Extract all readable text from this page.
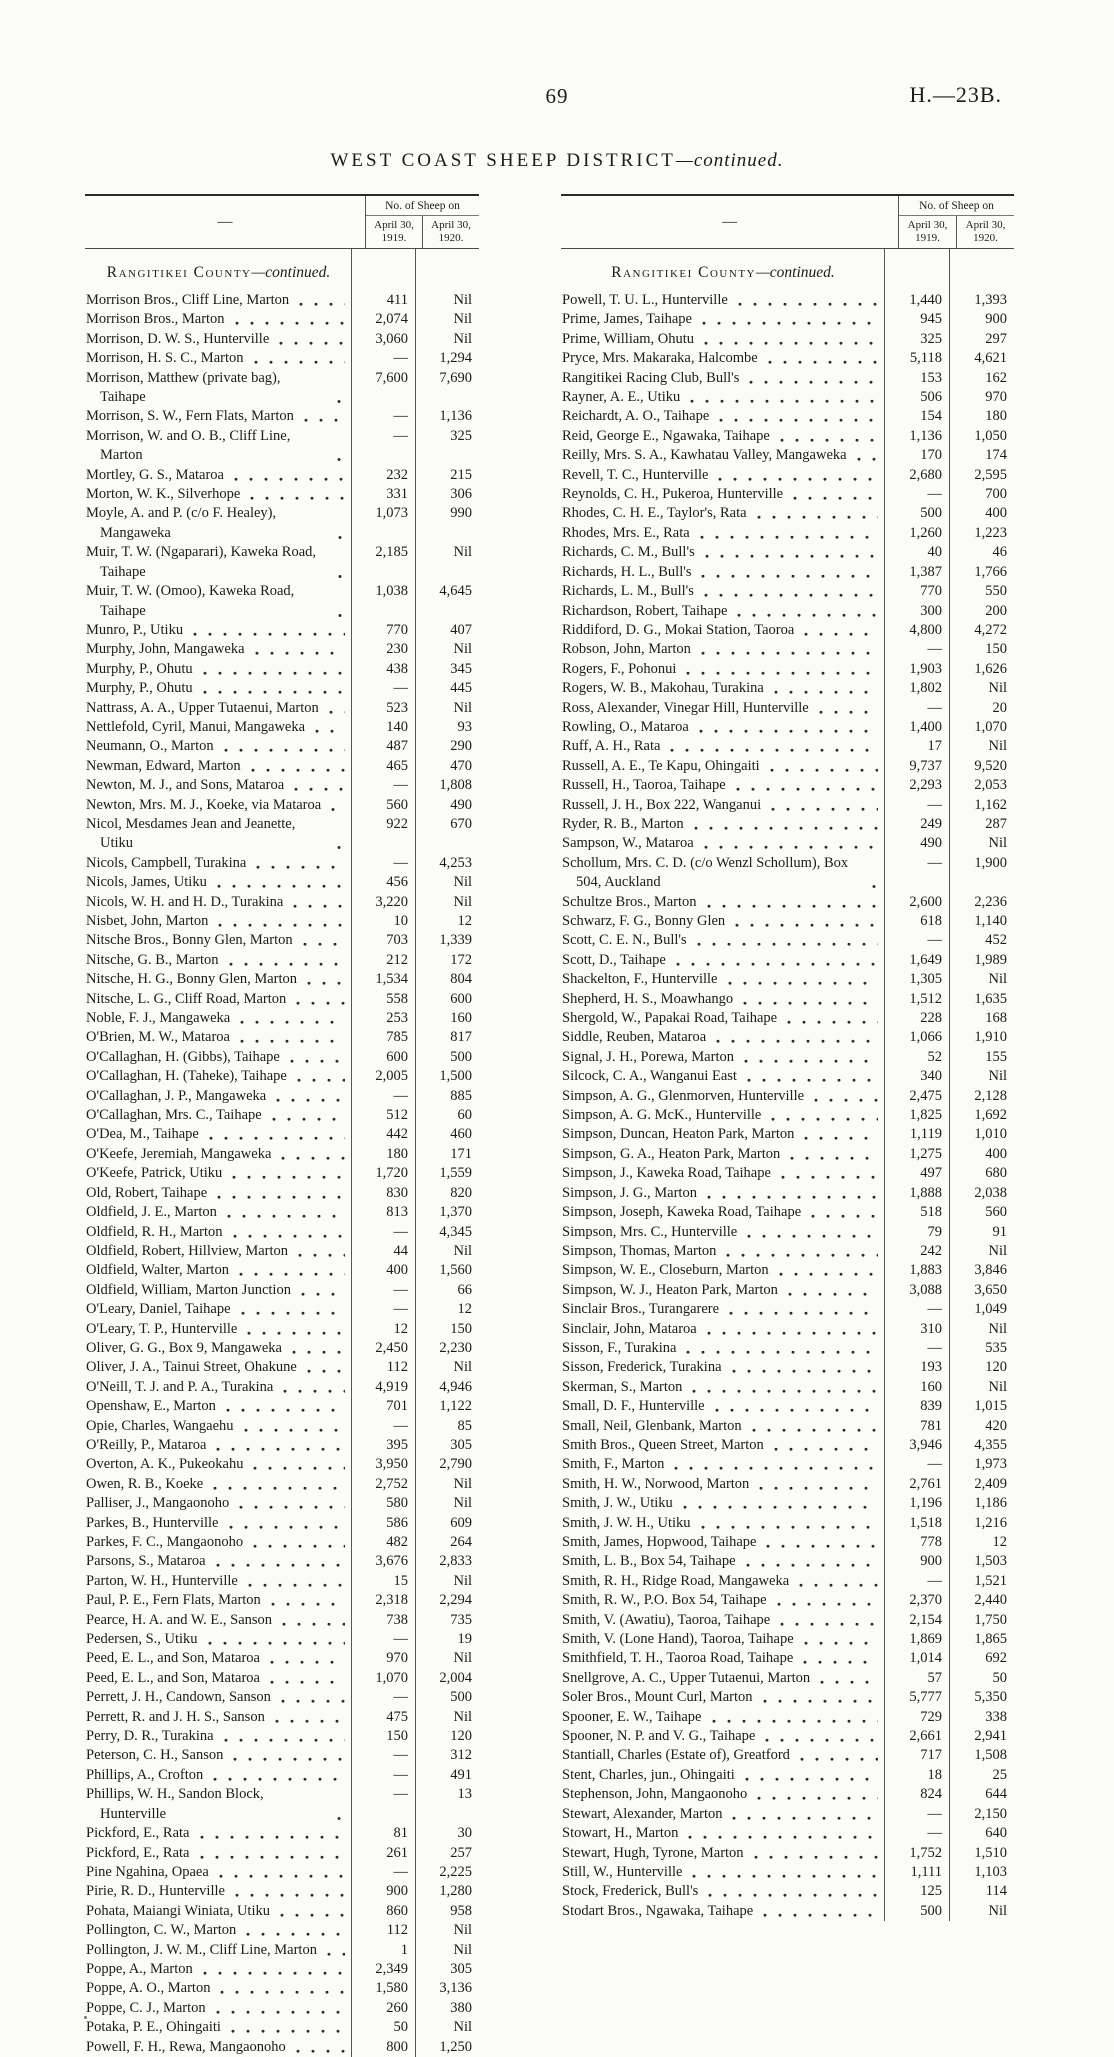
69	H.—23B.
WEST COAST SHEEP DISTRICT—continued.
—
No. of Sheep on
April 30,
1919.
April 30,
1920.
Rangitikei County—continued.
Morrison Bros., Cliff Line, Marton	411	Nil
Morrison Bros., Marton	2,074	Nil
Morrison, D. W. S., Hunterville	3,060	Nil
Morrison, H. S. C., Marton	—	1,294
Morrison, Matthew (private bag), Taihape
7,600	7,690
Morrison, S. W., Fern Flats, Marton	—	1,136
Morrison, W. and O. B., Cliff Line, Marton
—	325
Mortley, G. S., Mataroa	232	215
Morton, W. K., Silverhope	331	306
Moyle, A. and P. (c/o F. Healey), Mangaweka
1,073	990
Muir, T. W. (Ngaparari), Kaweka Road, Taihape
2,185	Nil
Muir, T. W. (Omoo), Kaweka Road, Taihape
1,038	4,645
Munro, P., Utiku	770	407
Murphy, John, Mangaweka	230	Nil
Murphy, P., Ohutu	438	345
Murphy, P., Ohutu	—	445
Nattrass, A. A., Upper Tutaenui, Marton	523	Nil
Nettlefold, Cyril, Manui, Mangaweka	140	93
Neumann, O., Marton	487	290
Newman, Edward, Marton	465	470
Newton, M. J., and Sons, Mataroa	—	1,808
Newton, Mrs. M. J., Koeke, via Mataroa	560	490
Nicol, Mesdames Jean and Jeanette, Utiku
922	670
Nicols, Campbell, Turakina	—	4,253
Nicols, James, Utiku	456	Nil
Nicols, W. H. and H. D., Turakina	3,220	Nil
Nisbet, John, Marton	10	12
Nitsche Bros., Bonny Glen, Marton	703	1,339
Nitsche, G. B., Marton	212	172
Nitsche, H. G., Bonny Glen, Marton	1,534	804
Nitsche, L. G., Cliff Road, Marton	558	600
Noble, F. J., Mangaweka	253	160
O'Brien, M. W., Mataroa	785	817
O'Callaghan, H. (Gibbs), Taihape	600	500
O'Callaghan, H. (Taheke), Taihape	2,005	1,500
O'Callaghan, J. P., Mangaweka	—	885
O'Callaghan, Mrs. C., Taihape	512	60
O'Dea, M., Taihape	442	460
O'Keefe, Jeremiah, Mangaweka	180	171
O'Keefe, Patrick, Utiku	1,720	1,559
Old, Robert, Taihape	830	820
Oldfield, J. E., Marton	813	1,370
Oldfield, R. H., Marton	—	4,345
Oldfield, Robert, Hillview, Marton	44	Nil
Oldfield, Walter, Marton	400	1,560
Oldfield, William, Marton Junction	—	66
O'Leary, Daniel, Taihape	—	12
O'Leary, T. P., Hunterville	12	150
Oliver, G. G., Box 9, Mangaweka	2,450	2,230
Oliver, J. A., Tainui Street, Ohakune	112	Nil
O'Neill, T. J. and P. A., Turakina	4,919	4,946
Openshaw, E., Marton	701	1,122
Opie, Charles, Wangaehu	—	85
O'Reilly, P., Mataroa	395	305
Overton, A. K., Pukeokahu	3,950	2,790
Owen, R. B., Koeke	2,752	Nil
Palliser, J., Mangaonoho	580	Nil
Parkes, B., Hunterville	586	609
Parkes, F. C., Mangaonoho	482	264
Parsons, S., Mataroa	3,676	2,833
Parton, W. H., Hunterville	15	Nil
Paul, P. E., Fern Flats, Marton	2,318	2,294
Pearce, H. A. and W. E., Sanson	738	735
Pedersen, S., Utiku	—	19
Peed, E. L., and Son, Mataroa	970	Nil
Peed, E. L., and Son, Mataroa	1,070	2,004
Perrett, J. H., Candown, Sanson	—	500
Perrett, R. and J. H. S., Sanson	475	Nil
Perry, D. R., Turakina	150	120
Peterson, C. H., Sanson	—	312
Phillips, A., Crofton	—	491
Phillips, W. H., Sandon Block, Hunterville
—	13
Pickford, E., Rata	81	30
Pickford, E., Rata	261	257
Pine Ngahina, Opaea	—	2,225
Pirie, R. D., Hunterville	900	1,280
Pohata, Maiangi Winiata, Utiku	860	958
Pollington, C. W., Marton	112	Nil
Pollington, J. W. M., Cliff Line, Marton	1	Nil
Poppe, A., Marton	2,349	305
Poppe, A. O., Marton	1,580	3,136
Poppe, C. J., Marton	260	380
Potaka, P. E., Ohingaiti	50	Nil
Powell, F. H., Rewa, Mangaonoho	800	1,250
—
No. of Sheep on
April 30,
1919.
April 30,
1920.
Rangitikei County—continued.
Powell, T. U. L., Hunterville	1,440	1,393
Prime, James, Taihape	945	900
Prime, William, Ohutu	325	297
Pryce, Mrs. Makaraka, Halcombe	5,118	4,621
Rangitikei Racing Club, Bull's	153	162
Rayner, A. E., Utiku	506	970
Reichardt, A. O., Taihape	154	180
Reid, George E., Ngawaka, Taihape	1,136	1,050
Reilly, Mrs. S. A., Kawhatau Valley, Mangaweka	170	174
Revell, T. C., Hunterville	2,680	2,595
Reynolds, C. H., Pukeroa, Hunterville	—	700
Rhodes, C. H. E., Taylor's, Rata	500	400
Rhodes, Mrs. E., Rata	1,260	1,223
Richards, C. M., Bull's	40	46
Richards, H. L., Bull's	1,387	1,766
Richards, L. M., Bull's	770	550
Richardson, Robert, Taihape	300	200
Riddiford, D. G., Mokai Station, Taoroa	4,800	4,272
Robson, John, Marton	—	150
Rogers, F., Pohonui	1,903	1,626
Rogers, W. B., Makohau, Turakina	1,802	Nil
Ross, Alexander, Vinegar Hill, Hunterville	—	20
Rowling, O., Mataroa	1,400	1,070
Ruff, A. H., Rata	17	Nil
Russell, A. E., Te Kapu, Ohingaiti	9,737	9,520
Russell, H., Taoroa, Taihape	2,293	2,053
Russell, J. H., Box 222, Wanganui	—	1,162
Ryder, R. B., Marton	249	287
Sampson, W., Mataroa	490	Nil
Schollum, Mrs. C. D. (c/o Wenzl Schollum), Box 504, Auckland
—	1,900
Schultze Bros., Marton	2,600	2,236
Schwarz, F. G., Bonny Glen	618	1,140
Scott, C. E. N., Bull's	—	452
Scott, D., Taihape	1,649	1,989
Shackelton, F., Hunterville	1,305	Nil
Shepherd, H. S., Moawhango	1,512	1,635
Shergold, W., Papakai Road, Taihape	228	168
Siddle, Reuben, Mataroa	1,066	1,910
Signal, J. H., Porewa, Marton	52	155
Silcock, C. A., Wanganui East	340	Nil
Simpson, A. G., Glenmorven, Hunterville	2,475	2,128
Simpson, A. G. McK., Hunterville	1,825	1,692
Simpson, Duncan, Heaton Park, Marton	1,119	1,010
Simpson, G. A., Heaton Park, Marton	1,275	400
Simpson, J., Kaweka Road, Taihape	497	680
Simpson, J. G., Marton	1,888	2,038
Simpson, Joseph, Kaweka Road, Taihape	518	560
Simpson, Mrs. C., Hunterville	79	91
Simpson, Thomas, Marton	242	Nil
Simpson, W. E., Closeburn, Marton	1,883	3,846
Simpson, W. J., Heaton Park, Marton	3,088	3,650
Sinclair Bros., Turangarere	—	1,049
Sinclair, John, Mataroa	310	Nil
Sisson, F., Turakina	—	535
Sisson, Frederick, Turakina	193	120
Skerman, S., Marton	160	Nil
Small, D. F., Hunterville	839	1,015
Small, Neil, Glenbank, Marton	781	420
Smith Bros., Queen Street, Marton	3,946	4,355
Smith, F., Marton	—	1,973
Smith, H. W., Norwood, Marton	2,761	2,409
Smith, J. W., Utiku	1,196	1,186
Smith, J. W. H., Utiku	1,518	1,216
Smith, James, Hopwood, Taihape	778	12
Smith, L. B., Box 54, Taihape	900	1,503
Smith, R. H., Ridge Road, Mangaweka	—	1,521
Smith, R. W., P.O. Box 54, Taihape	2,370	2,440
Smith, V. (Awatiu), Taoroa, Taihape	2,154	1,750
Smith, V. (Lone Hand), Taoroa, Taihape	1,869	1,865
Smithfield, T. H., Taoroa Road, Taihape	1,014	692
Snellgrove, A. C., Upper Tutaenui, Marton	57	50
Soler Bros., Mount Curl, Marton	5,777	5,350
Spooner, E. W., Taihape	729	338
Spooner, N. P. and V. G., Taihape	2,661	2,941
Stantiall, Charles (Estate of), Greatford	717	1,508
Stent, Charles, jun., Ohingaiti	18	25
Stephenson, John, Mangaonoho	824	644
Stewart, Alexander, Marton	—	2,150
Stowart, H., Marton	—	640
Stewart, Hugh, Tyrone, Marton	1,752	1,510
Still, W., Hunterville	1,111	1,103
Stock, Frederick, Bull's	125	114
Stodart Bros., Ngawaka, Taihape	500	Nil
